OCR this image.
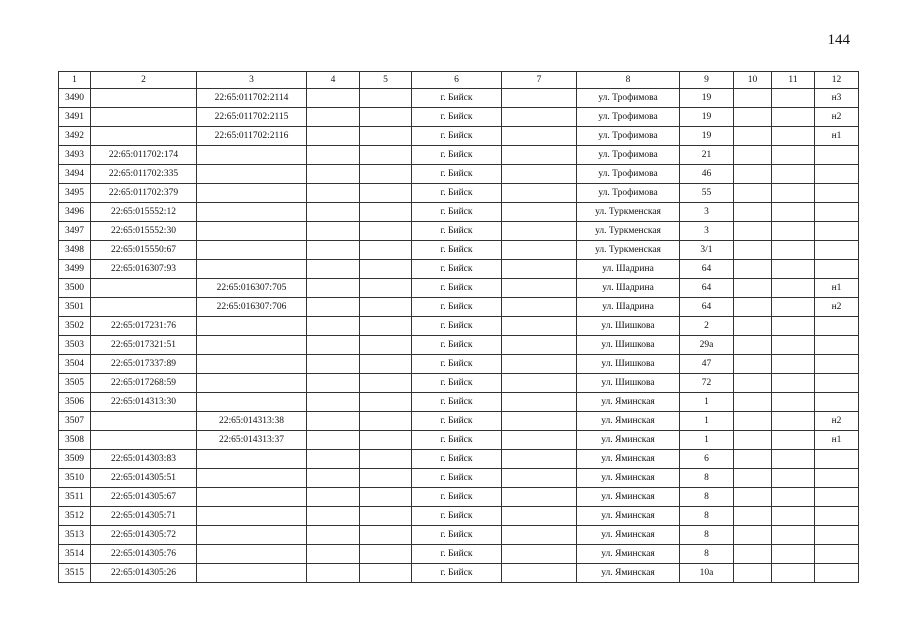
144
1	2	3	4	5	6	7	8	9	10	11	12
3490		22:65:011702:2114			г. Бийск		ул. Трофимова	19			н3
3491		22:65:011702:2115			г. Бийск		ул. Трофимова	19			н2
3492		22:65:011702:2116			г. Бийск		ул. Трофимова	19			н1
3493	22:65:011702:174				г. Бийск		ул. Трофимова	21			
3494	22:65:011702:335				г. Бийск		ул. Трофимова	46			
3495	22:65:011702:379				г. Бийск		ул. Трофимова	55			
3496	22:65:015552:12				г. Бийск		ул. Туркменская	3			
3497	22:65:015552:30				г. Бийск		ул. Туркменская	3			
3498	22:65:015550:67				г. Бийск		ул. Туркменская	3/1			
3499	22:65:016307:93				г. Бийск		ул. Шадрина	64			
3500		22:65:016307:705			г. Бийск		ул. Шадрина	64			н1
3501		22:65:016307:706			г. Бийск		ул. Шадрина	64			н2
3502	22:65:017231:76				г. Бийск		ул. Шишкова	2			
3503	22:65:017321:51				г. Бийск		ул. Шишкова	29а			
3504	22:65:017337:89				г. Бийск		ул. Шишкова	47			
3505	22:65:017268:59				г. Бийск		ул. Шишкова	72			
3506	22:65:014313:30				г. Бийск		ул. Яминская	1			
3507		22:65:014313:38			г. Бийск		ул. Яминская	1			н2
3508		22:65:014313:37			г. Бийск		ул. Яминская	1			н1
3509	22:65:014303:83				г. Бийск		ул. Яминская	6			
3510	22:65:014305:51				г. Бийск		ул. Яминская	8			
3511	22:65:014305:67				г. Бийск		ул. Яминская	8			
3512	22:65:014305:71				г. Бийск		ул. Яминская	8			
3513	22:65:014305:72				г. Бийск		ул. Яминская	8			
3514	22:65:014305:76				г. Бийск		ул. Яминская	8			
3515	22:65:014305:26				г. Бийск		ул. Яминская	10а			
